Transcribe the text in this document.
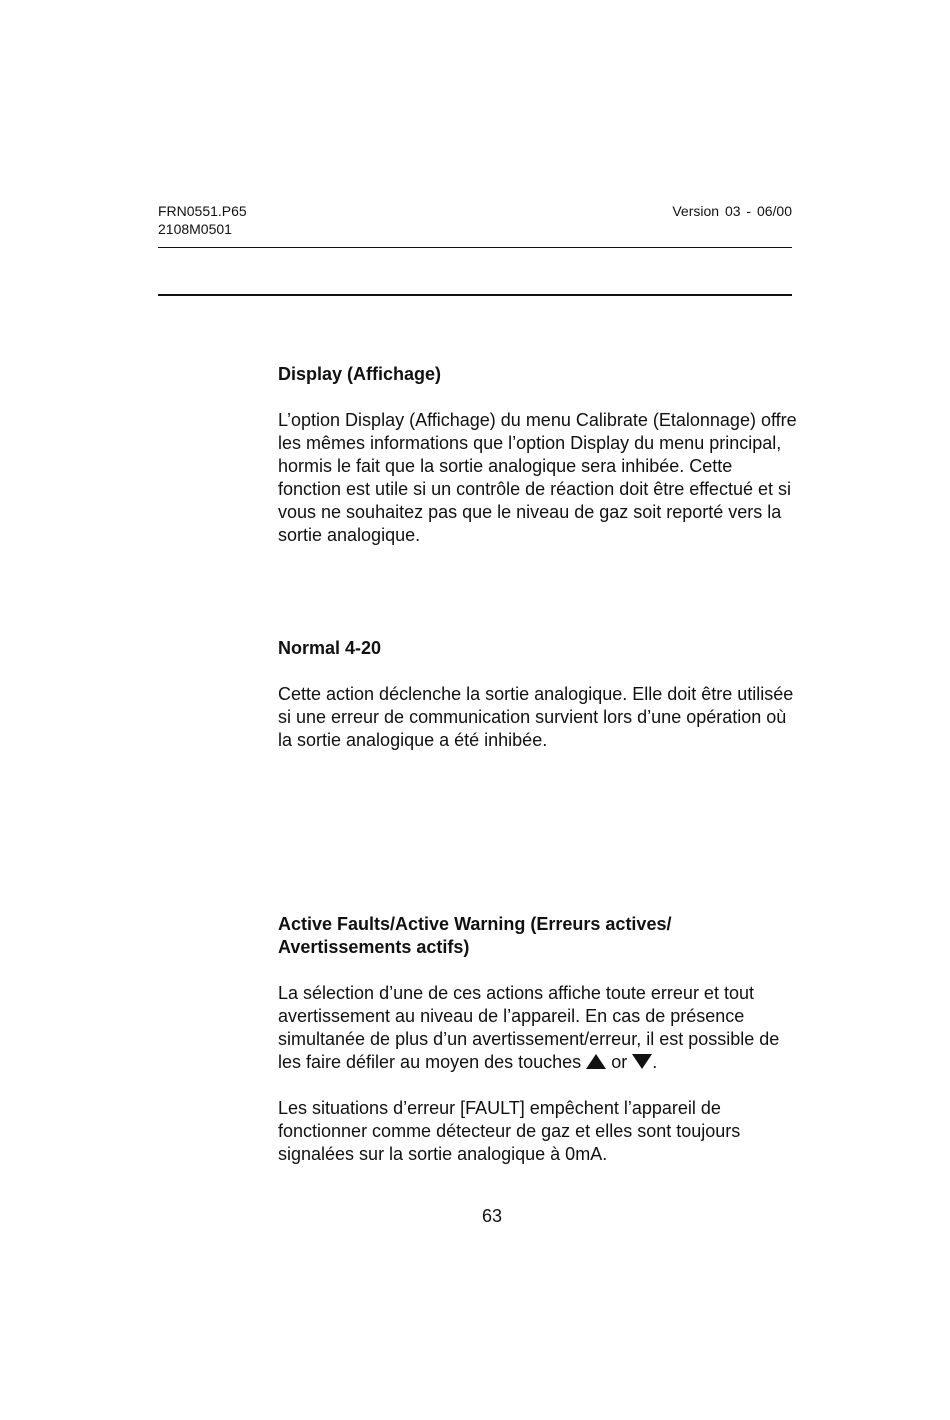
FRN0551.P65
2108M0501
Version 03 - 06/00

Display (Affichage)

L’option Display (Affichage) du menu Calibrate (Etalonnage) offre les mêmes informations que l’option Display du menu principal, hormis le fait que la sortie analogique sera inhibée. Cette fonction est utile si un contrôle de réaction doit être effectué et si vous ne souhaitez pas que le niveau de gaz soit reporté vers la sortie analogique.

Normal 4-20

Cette action déclenche la sortie analogique. Elle doit être utilisée si une erreur de communication survient lors d’une opération où la sortie analogique a été inhibée.

Active Faults/Active Warning (Erreurs actives/ Avertissements actifs)

La sélection d’une de ces actions affiche toute erreur et tout avertissement au niveau de l’appareil. En cas de présence simultanée de plus d’un avertissement/erreur, il est possible de les faire défiler au moyen des touches or .

Les situations d’erreur [FAULT] empêchent l’appareil de fonctionner comme détecteur de gaz et elles sont toujours signalées sur la sortie analogique à 0mA.

63
